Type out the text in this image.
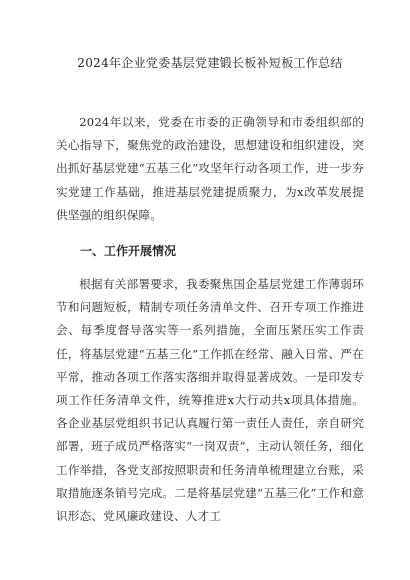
2024年企业党委基层党建锻长板补短板工作总结

2024年以来，党委在市委的正确领导和市委组织部的关心指导下，聚焦党的政治建设，思想建设和组织建设，突出抓好基层党建“五基三化”攻坚年行动各项工作，进一步夯实党建工作基础，推进基层党建提质聚力，为x改革发展提供坚强的组织保障。

一、工作开展情况

根据有关部署要求，我委聚焦国企基层党建工作薄弱环节和问题短板，精制专项任务清单文件、召开专项工作推进会、每季度督导落实等一系列措施，全面压紧压实工作责任，将基层党建“五基三化”工作抓在经常、融入日常、严在平常，推动各项工作落实落细并取得显著成效。一是印发专项工作任务清单文件，统筹推进x大行动共x项具体措施。各企业基层党组织书记认真履行第一责任人责任，亲自研究部署，班子成员严格落实“一岗双责”，主动认领任务，细化工作举措，各党支部按照职责和任务清单梳理建立台账，采取措施逐条销号完成。二是将基层党建“五基三化”工作和意识形态、党风廉政建设、人才工
